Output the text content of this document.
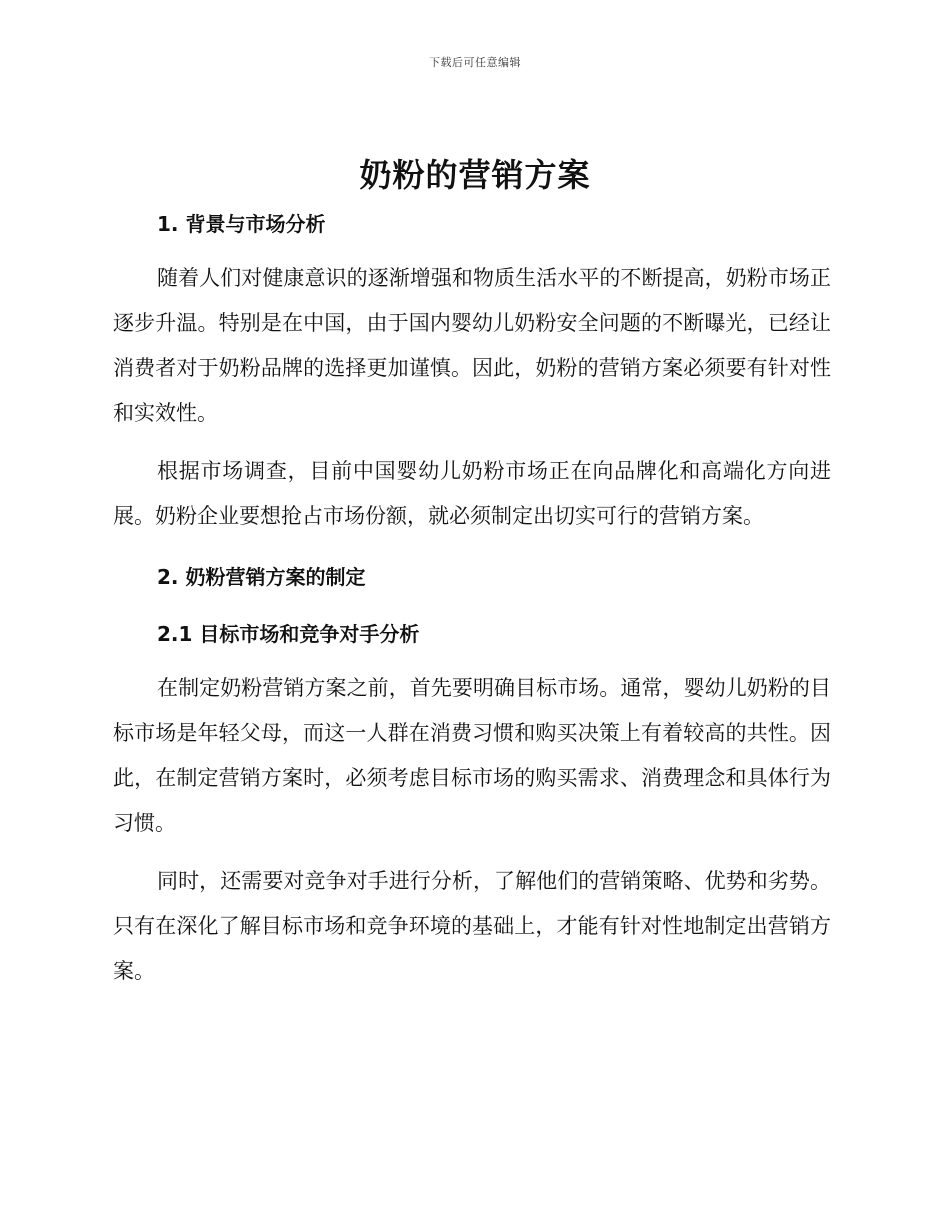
下载后可任意编辑
奶粉的营销方案
1. 背景与市场分析

随着人们对健康意识的逐渐增强和物质生活水平的不断提高，奶粉市场正逐步升温。特别是在中国，由于国内婴幼儿奶粉安全问题的不断曝光，已经让消费者对于奶粉品牌的选择更加谨慎。因此，奶粉的营销方案必须要有针对性和实效性。

根据市场调查，目前中国婴幼儿奶粉市场正在向品牌化和高端化方向进展。奶粉企业要想抢占市场份额，就必须制定出切实可行的营销方案。

2. 奶粉营销方案的制定
2.1 目标市场和竞争对手分析

在制定奶粉营销方案之前，首先要明确目标市场。通常，婴幼儿奶粉的目标市场是年轻父母，而这一人群在消费习惯和购买决策上有着较高的共性。因此，在制定营销方案时，必须考虑目标市场的购买需求、消费理念和具体行为习惯。

同时，还需要对竞争对手进行分析，了解他们的营销策略、优势和劣势。只有在深化了解目标市场和竞争环境的基础上，才能有针对性地制定出营销方案。
